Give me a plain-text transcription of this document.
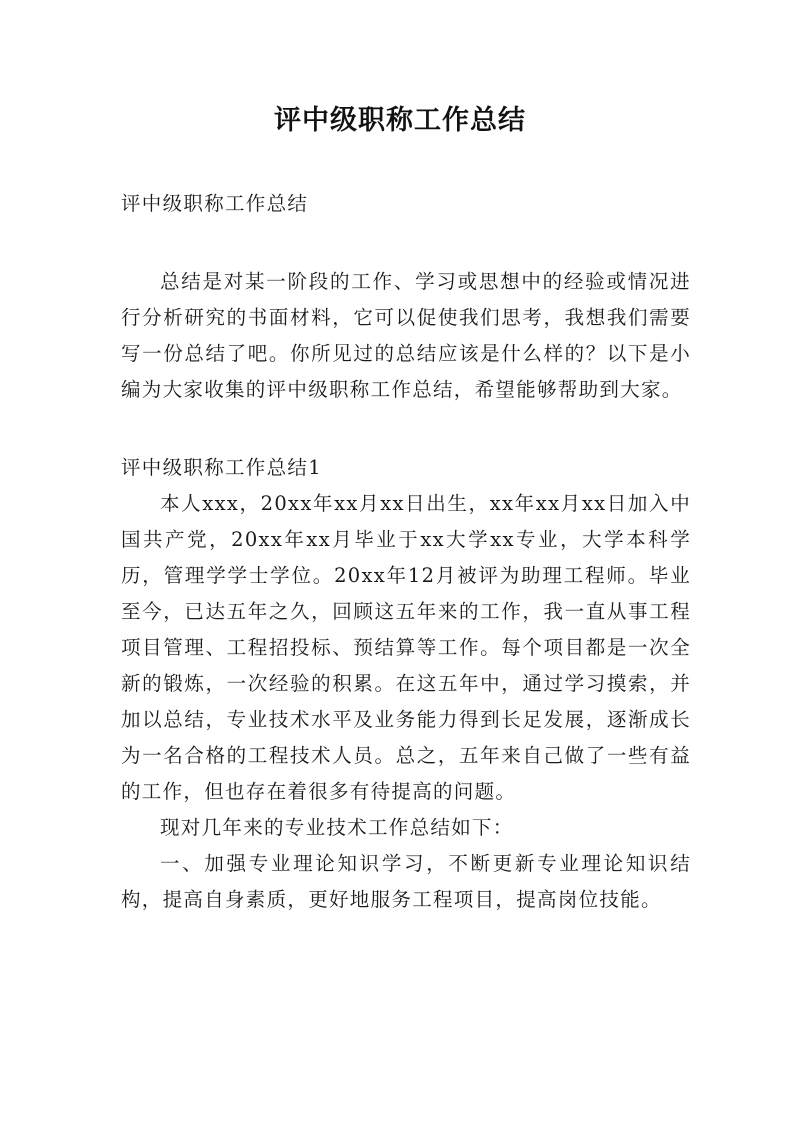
评中级职称工作总结

评中级职称工作总结

总结是对某一阶段的工作、学习或思想中的经验或情况进行分析研究的书面材料，它可以促使我们思考，我想我们需要写一份总结了吧。你所见过的总结应该是什么样的？以下是小编为大家收集的评中级职称工作总结，希望能够帮助到大家。

评中级职称工作总结1

本人xxx，20xx年xx月xx日出生，xx年xx月xx日加入中国共产党，20xx年xx月毕业于xx大学xx专业，大学本科学历，管理学学士学位。20xx年12月被评为助理工程师。毕业至今，已达五年之久，回顾这五年来的工作，我一直从事工程项目管理、工程招投标、预结算等工作。每个项目都是一次全新的锻炼，一次经验的积累。在这五年中，通过学习摸索，并加以总结，专业技术水平及业务能力得到长足发展，逐渐成长为一名合格的工程技术人员。总之，五年来自己做了一些有益的工作，但也存在着很多有待提高的问题。

现对几年来的专业技术工作总结如下：

一、加强专业理论知识学习，不断更新专业理论知识结构，提高自身素质，更好地服务工程项目，提高岗位技能。
